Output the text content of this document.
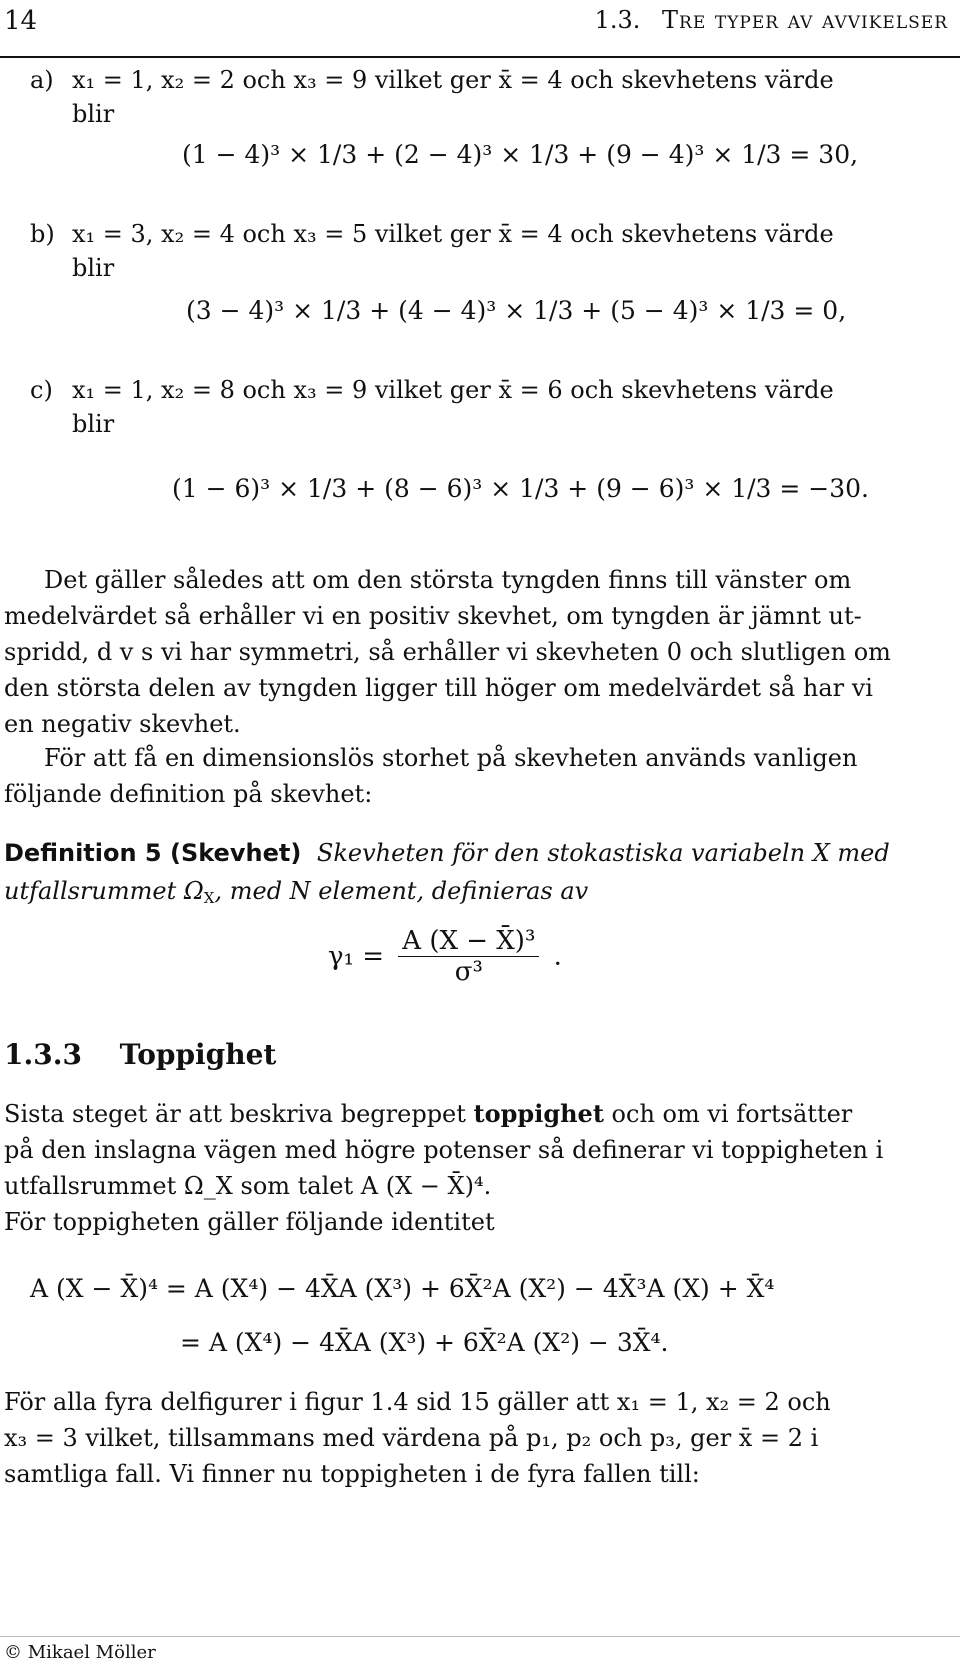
14	1.3. Tre typer av avvikelser
a) x₁ = 1, x₂ = 2 och x₃ = 9 vilket ger x̄ = 4 och skevhetens värde
blir
(1 − 4)³ × 1/3 + (2 − 4)³ × 1/3 + (9 − 4)³ × 1/3 = 30,
b) x₁ = 3, x₂ = 4 och x₃ = 5 vilket ger x̄ = 4 och skevhetens värde
blir
(3 − 4)³ × 1/3 + (4 − 4)³ × 1/3 + (5 − 4)³ × 1/3 = 0,
c) x₁ = 1, x₂ = 8 och x₃ = 9 vilket ger x̄ = 6 och skevhetens värde
blir
(1 − 6)³ × 1/3 + (8 − 6)³ × 1/3 + (9 − 6)³ × 1/3 = −30.
Det gäller således att om den största tyngden finns till vänster om
medelvärdet så erhåller vi en positiv skevhet, om tyngden är jämnt ut-
spridd, d v s vi har symmetri, så erhåller vi skevheten 0 och slutligen om
den största delen av tyngden ligger till höger om medelvärdet så har vi
en negativ skevhet.
För att få en dimensionslös storhet på skevheten används vanligen
följande definition på skevhet:
Definition 5 (Skevhet) Skevheten för den stokastiska variabeln X med
utfallsrummet $\Omega_X$, med N element, definieras av
$\gamma_1 = \frac{\text{A (X − X̄)³}}{\text{σ³}}$ .
1.3.3 Toppighet
Sista steget är att beskriva begreppet toppighet och om vi fortsätter
på den inslagna vägen med högre potenser så definerar vi toppigheten i
utfallsrummet Ω_X som talet A (X − X̄)⁴.
För toppigheten gäller följande identitet
A (X − X̄)⁴ = A (X⁴) − 4X̄A (X³) + 6X̄²A (X²) − 4X̄³A (X) + X̄⁴
= A (X⁴) − 4X̄A (X³) + 6X̄²A (X²) − 3X̄⁴.
För alla fyra delfigurer i figur 1.4 sid 15 gäller att x₁ = 1, x₂ = 2 och
x₃ = 3 vilket, tillsammans med värdena på p₁, p₂ och p₃, ger x̄ = 2 i
samtliga fall. Vi finner nu toppigheten i de fyra fallen till:
© Mikael Möller
